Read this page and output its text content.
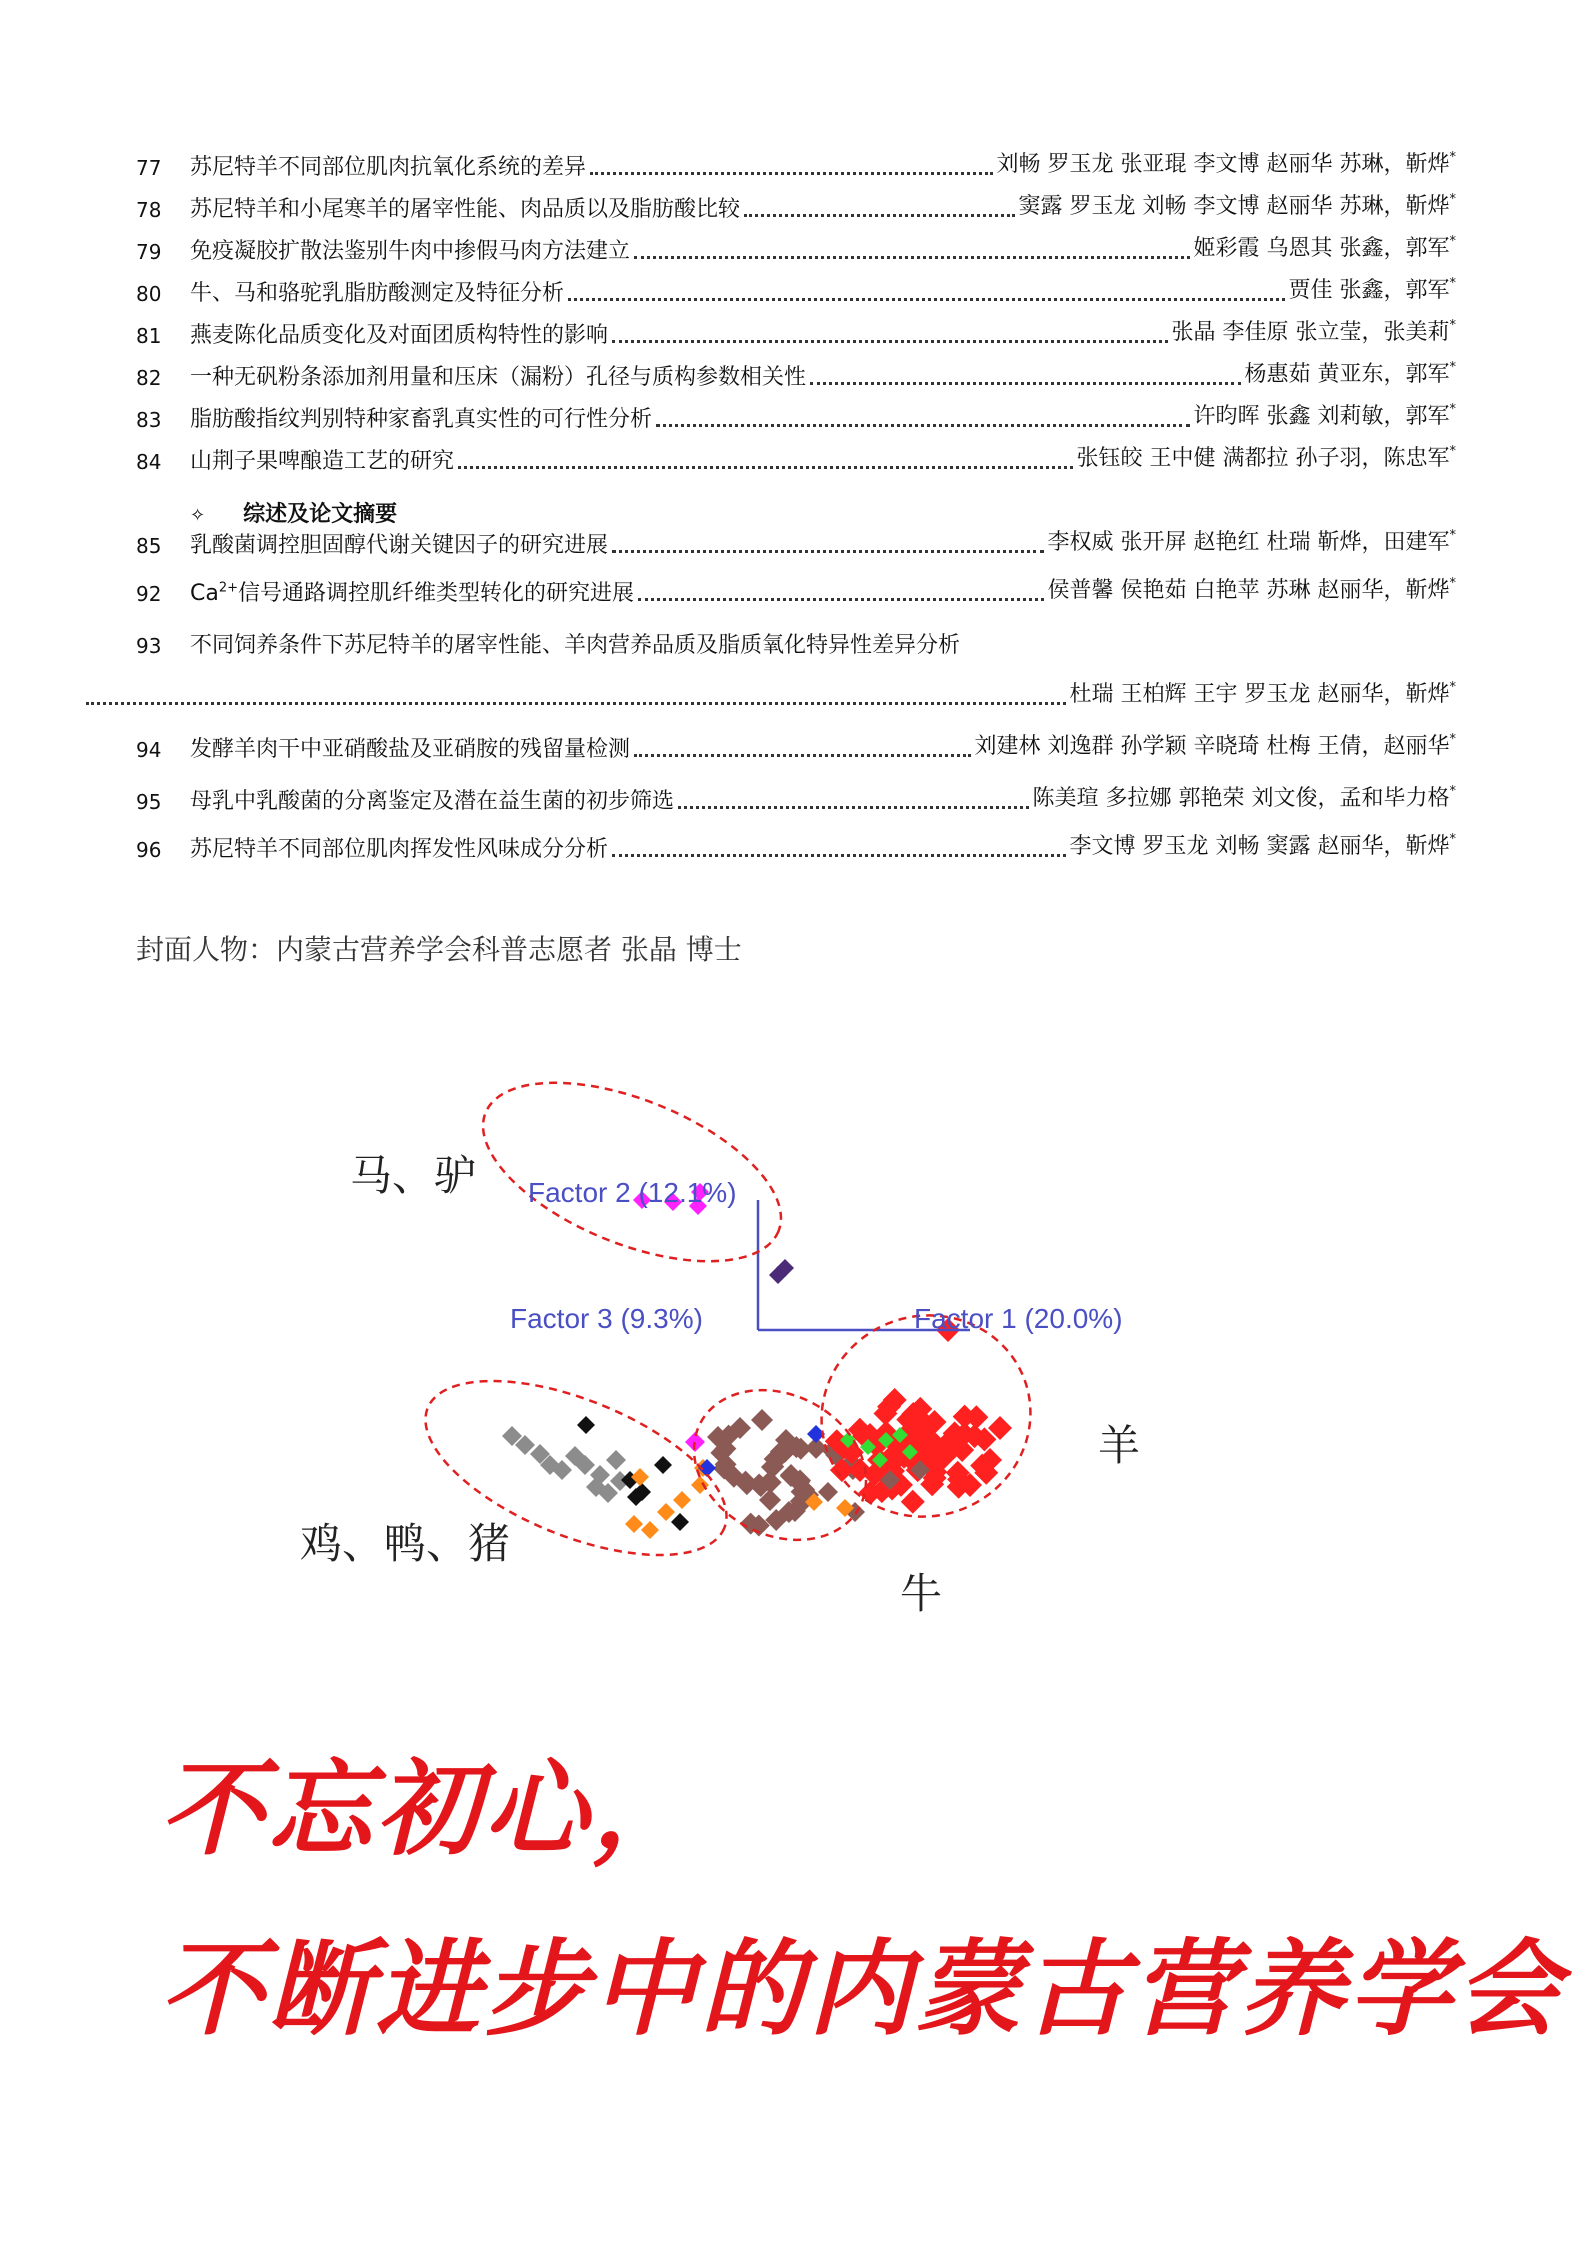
77	苏尼特羊不同部位肌肉抗氧化系统的差异	刘畅 罗玉龙 张亚琨 李文博 赵丽华 苏琳，靳烨*
78	苏尼特羊和小尾寒羊的屠宰性能、肉品质以及脂肪酸比较	窦露 罗玉龙 刘畅 李文博 赵丽华 苏琳，靳烨*
79	免疫凝胶扩散法鉴别牛肉中掺假马肉方法建立	姬彩霞 乌恩其 张鑫，郭军*
80	牛、马和骆驼乳脂肪酸测定及特征分析	贾佳 张鑫，郭军*
81	燕麦陈化品质变化及对面团质构特性的影响	张晶 李佳原 张立莹，张美莉*
82	一种无矾粉条添加剂用量和压床（漏粉）孔径与质构参数相关性	杨惠茹 黄亚东，郭军*
83	脂肪酸指纹判别特种家畜乳真实性的可行性分析	许昀晖 张鑫 刘莉敏，郭军*
84	山荆子果啤酿造工艺的研究	张钰皎 王中健 满都拉 孙子羽，陈忠军*
✧ 综述及论文摘要
85	乳酸菌调控胆固醇代谢关键因子的研究进展	李权威 张开屏 赵艳红 杜瑞 靳烨，田建军*
92	$Ca^{2+}$信号通路调控肌纤维类型转化的研究进展	侯普馨 侯艳茹 白艳苹 苏琳 赵丽华，靳烨*
93	不同饲养条件下苏尼特羊的屠宰性能、羊肉营养品质及脂质氧化特异性差异分析
杜瑞 王柏辉 王宇 罗玉龙 赵丽华，靳烨*
94	发酵羊肉干中亚硝酸盐及亚硝胺的残留量检测	刘建林 刘逸群 孙学颖 辛晓琦 杜梅 王倩，赵丽华*
95	母乳中乳酸菌的分离鉴定及潜在益生菌的初步筛选	陈美瑄 多拉娜 郭艳荣 刘文俊，孟和毕力格*
96	苏尼特羊不同部位肌肉挥发性风味成分分析	李文博 罗玉龙 刘畅 窦露 赵丽华，靳烨*
封面人物：内蒙古营养学会科普志愿者 张晶 博士
Factor 2 (12.1%)
Factor 3 (9.3%)	Factor 1 (20.0%)
马、驴
鸡、鸭、猪
羊
牛
不忘初心，
不断进步中的内蒙古营养学会
